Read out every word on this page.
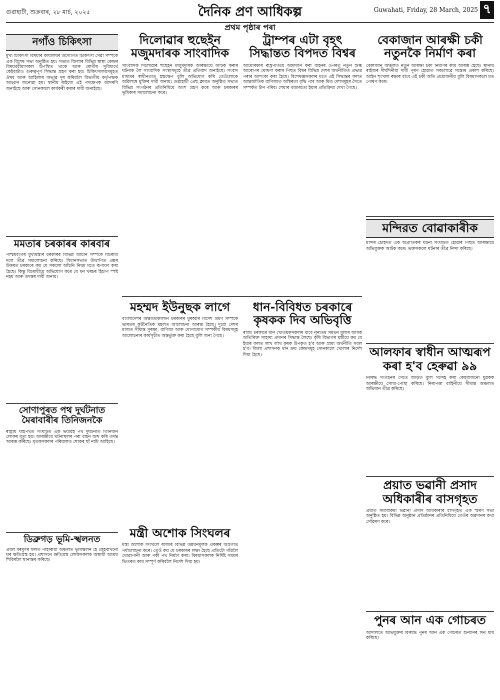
গুৱাহাটী, শুক্ৰবাৰ, ২৮ মাৰ্চ, ২০২৫	দৈনিক প্ৰণ আধিকল্প	Guwahati, Friday, 28 March, 2025 ৭
প্ৰথম পৃষ্ঠাৰ পৰা
নগাঁও চিকিৎসা
মুখ্য চিকিৎসা বিষয়াৰ কাৰ্যালয়ৰ উদ্যোগত চিকিৎসা সেৱা সম্পৰ্কে এক বিশেষ সভা অনুষ্ঠিত হয়। সভাত জিলাৰ বিভিন্ন স্বাস্থ্য কেন্দ্ৰৰ বিষয়ববীয়াসকল উপস্থিত থাকে আৰু ৰোগীৰ সুবিধাৰ্থে কেইবাটাও গুৰুত্বপূৰ্ণ সিদ্ধান্ত গ্ৰহণ কৰা হয়। চিকিৎসালয়সমূহত ঔষধ আৰু আহিলাৰ অভাৱ দূৰ কৰিবলৈ বিভাগীয় কৰ্তৃপক্ষক আহ্বান জনোৱা হয়। স্থানীয় ৰাইজে এই পদক্ষেপক আদৰণি জনাইছে আৰু সোনকালে কাৰ্যকৰী কৰাৰ দাবী জনাইছে।
মমতাৰ চৰকাৰৰ কাৰবাৰ
পশ্চিমবংগৰ মুখ্যমন্ত্ৰীৰ চৰকাৰৰ বিভিন্ন আঁচনি সম্পৰ্কে বিৰোধী দলে তীব্ৰ সমালোচনা কৰিছে। বিধানসভাত উত্থাপিত প্ৰশ্নৰ উত্তৰত চৰকাৰে কয় যে সকলো আঁচনি নিয়ম মতে ৰূপায়ণ কৰা হৈছে। কিন্তু বিৰোধীয়ে অভিযোগ কৰে যে ধন খৰচৰ হিচাপ স্পষ্ট নহয় আৰু তদন্তৰ দাবী জনায়।
সোণাপুৰত পথ দুৰ্ঘটনাত মৈৰাবাৰীৰ তিনিজনকৈ
ৰাষ্ট্ৰীয় ঘাইপথত সংঘটিত এক ভয়াৱহ পথ দুৰ্ঘটনাত তিনিজন লোকৰ মৃত্যু হয়। আৰক্ষীয়ে ঘটনাস্থলৰ পৰা বাহন জব্দ কৰি তদন্ত আৰম্ভ কৰিছে। মৃতকসকলৰ পৰিয়ালত শোকৰ ছাঁ নামি আহিছে।
ডিব্ৰুগড় ভূমি-স্খলনত
প্ৰবল বৰষুণৰ ফলত পাহাৰীয়া অঞ্চলত ভূমিস্খলন হৈ কেইবাখনো ঘৰ ক্ষতিগ্ৰস্ত হয়। প্ৰশাসনে ক্ষতিগ্ৰস্ত লোকসকলক অস্থায়ী আশ্ৰয় শিবিৰলৈ স্থানান্তৰ কৰিছে।
দিলোৱাৰ হুছেইন মজুমদাৰক সাংবাদিক
সাংবাদিক দিলোৱাৰ হুছেইন মজুমদাৰক আৰক্ষীয়ে আটক কৰাৰ ঘটনাক লৈ সাংবাদিক সংস্থাসমূহে তীব্ৰ প্ৰতিবাদ জনাইছে। সংবাদ মাধ্যমৰ স্বাধীনতাত হস্তক্ষেপ বুলি অভিযোগ কৰি তেওঁলোকে অৱিলম্বে মুক্তিৰ দাবী জনায়। গুৱাহাটী প্ৰেছ ক্লাবত অনুষ্ঠিত সভাত বিভিন্ন সংগঠনৰ প্ৰতিনিধিয়ে অংশ গ্ৰহণ কৰে আৰু চৰকাৰৰ ভূমিকাৰ সমালোচনা কৰে।
ট্ৰাম্পৰ এটা বৃহৎ সিদ্ধান্তত বিপদত বিশ্বৰ
আমেৰিকাৰ ৰাষ্ট্ৰপতিয়ে আমদানি কৰা বাহনৰ ওপৰত নতুন শুল্ক আৰোপৰ ঘোষণা কৰাৰ পিছত বিশ্বৰ বিভিন্ন দেশৰ অৰ্থনীতিত প্ৰভাৱ পৰাৰ আশংকা কৰা হৈছে। বিশেষজ্ঞসকলৰ মতে এই সিদ্ধান্তৰ ফলত আন্তৰ্জাতিক বাণিজ্যত অস্থিৰতা বৃদ্ধি পাব আৰু মিত্ৰ দেশসমূহৰ সৈতে সম্পৰ্কত টান পৰিব। শেয়াৰ বজাৰতো ইয়াৰ প্ৰতিক্ৰিয়া দেখা গৈছে।
মহম্মদ ইউনুছক লাগে
বাংলাদেশৰ অন্তৰ্বৰ্তীকালীন চৰকাৰৰ মুৰব্বীৰ বিদেশ ভ্ৰমণ সম্পৰ্কে ভাৰতৰ কূটনৈতিক মহলত আলোচনা আৰম্ভ হৈছে। দুয়ো দেশৰ মাজত সীমান্ত সুৰক্ষা, বাণিজ্য আৰু যোগাযোগ সম্পৰ্কীয় বিষয়সমূহ আলোচনাৰ কাৰ্যসূচীত অন্তৰ্ভুক্ত কৰা হৈছে বুলি জনা গৈছে।
ধান-বিবিধত চৰকাৰে কৃষকক দিব অভিবৃত্তি
ৰাজ্য চৰকাৰে ধান খেতিয়কসকলৰ বাবে নূন্যতম সমৰ্থন মূল্যৰ অধিক অতিৰিক্ত সাহায্য প্ৰদানৰ সিদ্ধান্ত লৈছে। কৃষি বিভাগৰ মন্ত্ৰীয়ে কয় যে ইয়াৰ ফলত লাখ লাখ কৃষক উপকৃত হ'ব আৰু গ্ৰাম্য অৰ্থনীতি সবল হ'ব। জিলা প্ৰশাসনক ধান ক্ৰয় কেন্দ্ৰসমূহ সোনকালে খোলাৰ নিৰ্দেশ দিয়া হৈছে।
মন্ত্ৰী অশোক সিংঘলৰ
মন্ত্ৰী অশোক সিংঘলে ৰাজ্যৰ বিভিন্ন উন্নয়নমূলক প্ৰকল্পৰ অগ্ৰগতি পৰ্যালোচনা কৰে। তেওঁ কয় যে চৰকাৰৰ লক্ষ্য হৈছে প্ৰতিটো গাঁৱলৈ খোৱাপানী আৰু পকী পথ নিৰ্মাণ কৰা। বিষয়াসকলক নিৰ্দিষ্ট সময়ৰ ভিতৰত কাম সম্পূৰ্ণ কৰিবলৈ নিৰ্দেশ দিয়া হয়।
বেকাজান আৰক্ষী চকী নতুনকৈ নিৰ্মাণ কৰা
বেকাজান অঞ্চলত নতুন আৰক্ষী চকী নিৰ্মাণৰ কাম আৰম্ভ হৈছে। স্থানীয় ৰাইজৰ দীৰ্ঘদিনীয়া দাবী পূৰণ হোৱাত সকলোৱে সন্তোষ প্ৰকাশ কৰিছে। আইন শৃংখলা ৰক্ষাৰ বাবে এই চকী অতি প্ৰয়োজনীয় বুলি বিষয়াসকলে মত পোষণ কৰে।
মন্দিরত বোৱাকাৰীক
মন্দিৰ চৌহদত এক অপ্ৰীতিকৰ ঘটনা সংঘটিত হোৱাৰ পিছত আৰক্ষীয়ে অভিযুক্তক আটক কৰে। ভক্তসকলে ঘটনাৰ তীব্ৰ নিন্দা কৰিছে।
আলফাৰ স্বাধীন আত্মৰূপ কৰা হ'ব হেৰুৱা ৯৯
নিষিদ্ধ সংগঠনৰ সৈতে জড়িত বুলি সন্দেহ কৰা কেইবাজনো যুৱকক আৰক্ষীয়ে সোধা-পোছা কৰিছে। নিৰাপত্তা বাহিনীয়ে সীমান্ত অঞ্চলত অভিযান তীব্ৰ কৰিছে।
প্ৰয়াত ভৱানী প্ৰসাদ অধিকাৰীৰ বাসগৃহত
প্ৰয়াত সমাজকৰ্মী ভৱানী প্ৰসাদ অধিকাৰীৰ বাসগৃহত এক স্মৰণ সভা অনুষ্ঠিত হয়। বিভিন্ন অনুষ্ঠান প্ৰতিষ্ঠানৰ প্ৰতিনিধিয়ে তেওঁৰ অৱদানৰ কথা সোঁৱৰণ কৰে।
পুনৰ আন এক গোচৰত
আদালতে অভিযুক্তৰ বিৰুদ্ধে পুনৰ আন এক গোচৰত শুনানিৰ দিন ধাৰ্য কৰিছে।
